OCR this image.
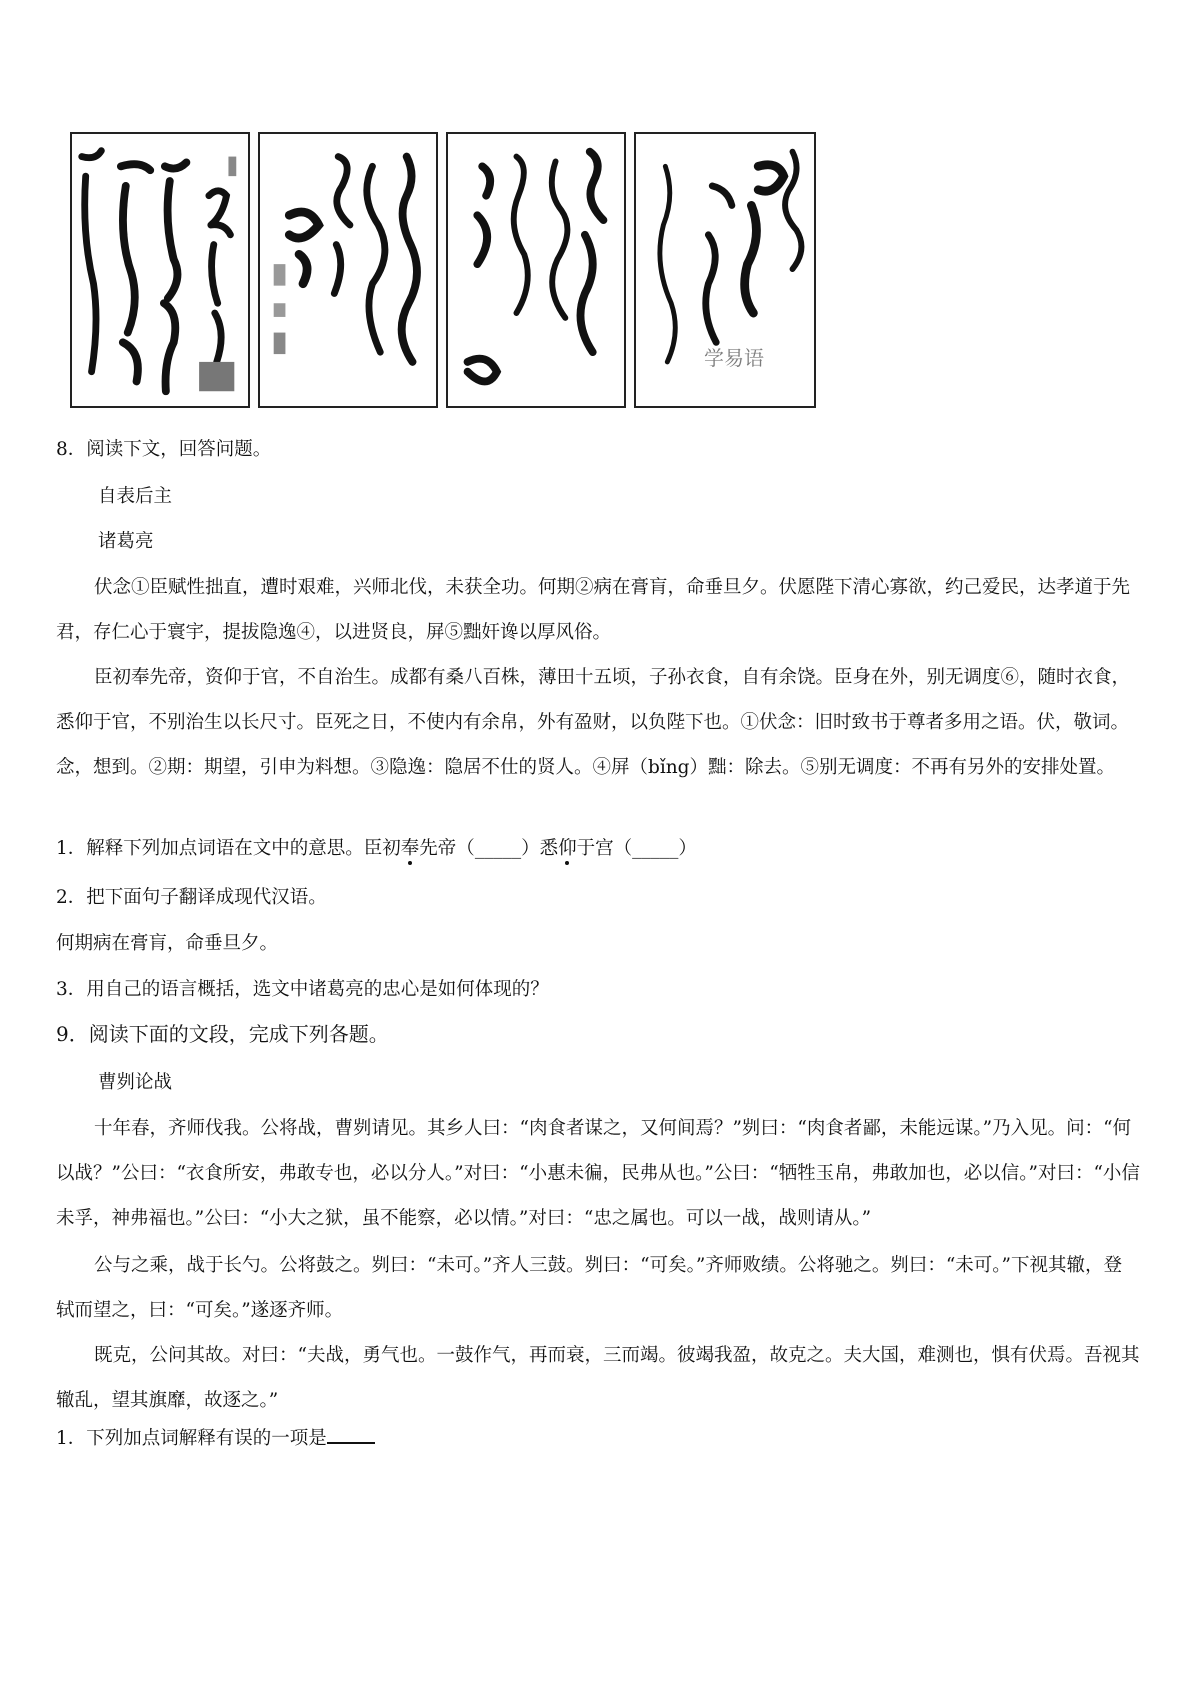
学易语
8．阅读下文，回答问题。
自表后主
诸葛亮
伏念①臣赋性拙直，遭时艰难，兴师北伐，未获全功。何期②病在膏肓，命垂旦夕。伏愿陛下清心寡欲，约己爱民，达孝道于先君，存仁心于寰宇，提拔隐逸④，以进贤良，屏⑤黜奸谗以厚风俗。
臣初奉先帝，资仰于官，不自治生。成都有桑八百株，薄田十五顷，子孙衣食，自有余饶。臣身在外，别无调度⑥，随时衣食，悉仰于官，不别治生以长尺寸。臣死之日，不使内有余帛，外有盈财，以负陛下也。①伏念：旧时致书于尊者多用之语。伏，敬词。念，想到。②期：期望，引申为料想。③隐逸：隐居不仕的贤人。④屏（bǐng）黜：除去。⑤别无调度：不再有另外的安排处置。
1．解释下列加点词语在文中的意思。臣初奉先帝（_____）悉仰于宫（_____）
2．把下面句子翻译成现代汉语。
何期病在膏肓，命垂旦夕。
3．用自己的语言概括，选文中诸葛亮的忠心是如何体现的？
9．阅读下面的文段，完成下列各题。
曹刿论战
十年春，齐师伐我。公将战，曹刿请见。其乡人曰：“肉食者谋之，又何间焉？”刿曰：“肉食者鄙，未能远谋。”乃入见。问：“何以战？”公曰：“衣食所安，弗敢专也，必以分人。”对曰：“小惠未徧，民弗从也。”公曰：“牺牲玉帛，弗敢加也，必以信。”对曰：“小信未孚，神弗福也。”公曰：“小大之狱，虽不能察，必以情。”对曰：“忠之属也。可以一战，战则请从。”
公与之乘，战于长勺。公将鼓之。刿曰：“未可。”齐人三鼓。刿曰：“可矣。”齐师败绩。公将驰之。刿曰：“未可。”下视其辙，登轼而望之，曰：“可矣。”遂逐齐师。
既克，公问其故。对曰：“夫战，勇气也。一鼓作气，再而衰，三而竭。彼竭我盈，故克之。夫大国，难测也，惧有伏焉。吾视其辙乱，望其旗靡，故逐之。”
1．下列加点词解释有误的一项是
